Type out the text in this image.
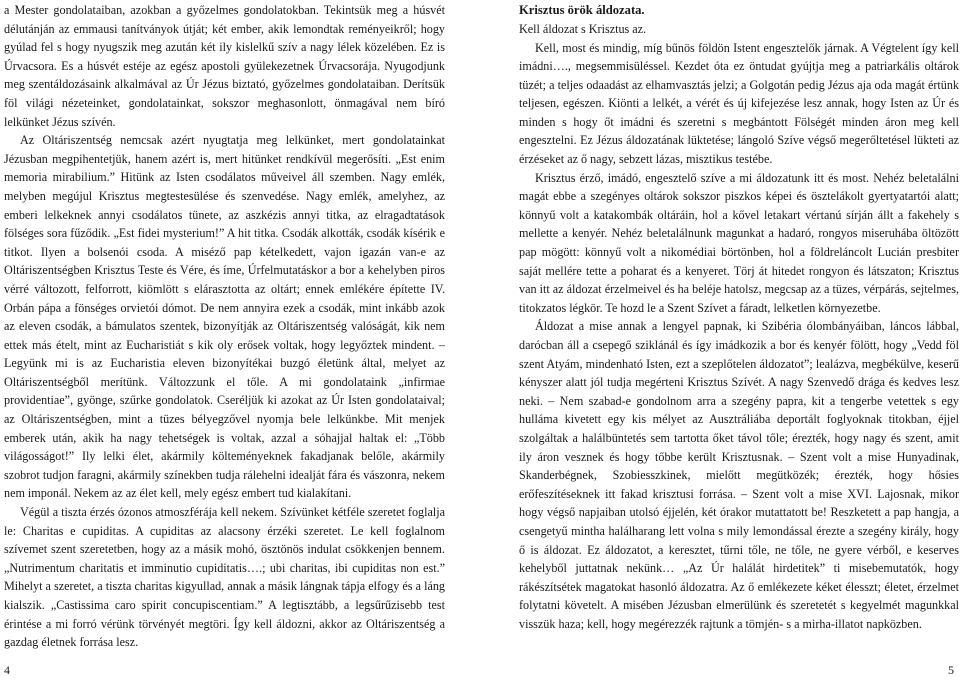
a Mester gondolataiban, azokban a győzelmes gondolatokban. Tekintsük meg a húsvét délutánján az emmausi tanítványok útját; két ember, akik lemondtak reményeikről; hogy gyúlad fel s hogy nyugszik meg azután két ily kislelkű szív a nagy lélek közelében. Ez is Úrvacsora. Es a húsvét estéje az egész apostoli gyülekezetnek Úrvacsorája. Nyugodjunk meg szentáldozásaink alkalmával az Úr Jézus biztató, győzelmes gondolataiban. Derítsük föl világi nézeteinket, gondolatainkat, sokszor meghasonlott, önmagával nem bíró lelkünket Jézus szívén.

Az Oltáriszentség nemcsak azért nyugtatja meg lelkünket, mert gondolatainkat Jézusban megpihentetjük, hanem azért is, mert hitünket rendkívül megerősíti. „Est enim memoria mirabilium.” Hitünk az Isten csodálatos műveivel áll szemben. Nagy emlék, melyben megújul Krisztus megtestesülése és szenvedése. Nagy emlék, amelyhez, az emberi lelkeknek annyi csodálatos tünete, az aszkézis annyi titka, az elragadtatások fölséges sora fűződik. „Est fidei mysterium!” A hit titka. Csodák alkották, csodák kísérik e titkot. Ilyen a bolsenói csoda. A miséző pap kételkedett, vajon igazán van-e az Oltáriszentségben Krisztus Teste és Vére, és íme, Úrfelmutatáskor a bor a kehelyben piros vérré változott, felforrott, kiömlött s elárasztotta az oltárt; ennek emlékére építette IV. Orbán pápa a fönséges orvietói dómot. De nem annyira ezek a csodák, mint inkább azok az eleven csodák, a bámulatos szentek, bizonyítják az Oltáriszentség valóságát, kik nem ettek más ételt, mint az Eucharistiát s kik oly erősek voltak, hogy legyőztek mindent. – Legyünk mi is az Eucharistia eleven bizonyítékai buzgó életünk által, melyet az Oltáriszentségből merítünk. Változzunk el tőle. A mi gondolataink „infirmae providentiae”, gyönge, szűrke gondolatok. Cseréljük ki azokat az Úr Isten gondolataival; az Oltáriszentségben, mint a tüzes bélyegzővel nyomja bele lelkünkbe. Mit menjek emberek után, akik ha nagy tehetségek is voltak, azzal a sóhajjal haltak el: „Több világosságot!” Ily lelki élet, akármily költeményeknek fakadjanak belőle, akármily szobrot tudjon faragni, akármily színekben tudja rálehelni idealját fára és vászonra, nekem nem imponál. Nekem az az élet kell, mely egész embert tud kialakítani.

Végül a tiszta érzés ózonos atmoszférája kell nekem. Szívünket kétféle szeretet foglalja le: Charitas e cupiditas. A cupiditas az alacsony érzéki szeretet. Le kell foglalnom szívemet szent szeretetben, hogy az a másik mohó, ösztönös indulat csökkenjen bennem. „Nutrimentum charitatis et imminutio cupiditatis….; ubi charitas, ibi cupiditas non est.” Mihelyt a szeretet, a tiszta charitas kigyullad, annak a másik lángnak tápja elfogy és a láng kialszik. „Castissima caro spirit concupiscentiam.” A legtisztább, a legsűrűzisebb test érintése a mi forró vérünk törvényét megtöri. Így kell áldozni, akkor az Oltáriszentség a gazdag életnek forrása lesz.

4
Krisztus örök áldozata.

Kell áldozat s Krisztus az.

Kell, most és mindig, míg bűnös földön Istent engesztelők járnak. A Végtelent így kell imádni…., megsemmisüléssel. Kezdet óta ez öntudat gyújtja meg a patriarkális oltárok tüzét; a teljes odaadást az elhamvasztás jelzi; a Golgotán pedig Jézus aja oda magát értünk teljesen, egészen. Kiönti a lelkét, a vérét és új kifejezése lesz annak, hogy Isten az Úr és minden s hogy őt imádni és szeretni s megbántott Fölségét minden áron meg kell engesztelni. Ez Jézus áldozatának lüktetése; lángoló Szíve végső megerőltetésel lükteti az érzéseket az ő nagy, sebzett lázas, misztikus testébe.

Krisztus érző, imádó, engesztelő szíve a mi áldozatunk itt és most. Nehéz beletalálni magát ebbe a szegényes oltárok sokszor piszkos képei és ösztelákolt gyertyatartói alatt; könnyű volt a katakombák oltáráin, hol a kővel letakart vértanú sírján állt a fakehely s mellette a kenyér. Nehéz beletalálnunk magunkat a hadaró, rongyos miseruhába öltözött pap mögött: könnyű volt a nikomédiai börtönben, hol a földreláncolt Lucián presbiter saját mellére tette a poharat és a kenyeret. Törj át hitedet rongyon és látszaton; Krisztus van itt az áldozat érzelmeivel és ha beléje hatolsz, megcsap az a tüzes, vérpárás, sejtelmes, titokzatos légkör. Te hozd le a Szent Szívet a fáradt, lelketlen környezetbe.

Áldozat a mise annak a lengyel papnak, ki Szibéria ólombányáiban, láncos lábbal, darócban áll a csepegő sziklánál és így imádkozik a bor és kenyér fölött, hogy „Vedd föl szent Atyám, mindenható Isten, ezt a szeplőtelen áldozatot”; lealázva, megbékülve, keserű kényszer alatt jól tudja megérteni Krisztus Szívét. A nagy Szenvedő drága és kedves lesz neki. – Nem szabad-e gondolnom arra a szegény papra, kit a tengerbe vetettek s egy hulláma kivetett egy kis mélyet az Ausztráliába deportált foglyoknak titokban, éjjel szolgáltak a halálbüntetés sem tartotta őket távol tőle; érezték, hogy nagy és szent, amit ily áron vesznek és hogy tőbbe került Krisztusnak. – Szent volt a mise Hunyadinak, Skanderbégnek, Szobiesszkinek, mielőtt megütközék; érezték, hogy hősies erőfeszítéseknek itt fakad krisztusi forrása. – Szent volt a mise XVI. Lajosnak, mikor hogy végső napjaiban utolsó éjjelén, két órakor mutattatott be! Reszketett a pap hangja, a csengetyű mintha halálharang lett volna s mily lemondással érezte a szegény király, hogy ő is áldozat. Ez áldozatot, a keresztet, tűrni tőle, ne tőle, ne gyere vérből, e keserves kehelyből juttatnak nekünk… „Az Úr halálát hirdetitek” ti misebemutatók, hogy rákészítsétek magatokat hasonló áldozatra. Az ő emlékezete kéket élesszt; életet, érzelmet folytatni követelt. A misében Jézusban elmerülünk és szeretetét s kegyelmét magunkkal visszük haza; kell, hogy megérezzék rajtunk a tömjén- s a mirha-illatot napközben.

5
